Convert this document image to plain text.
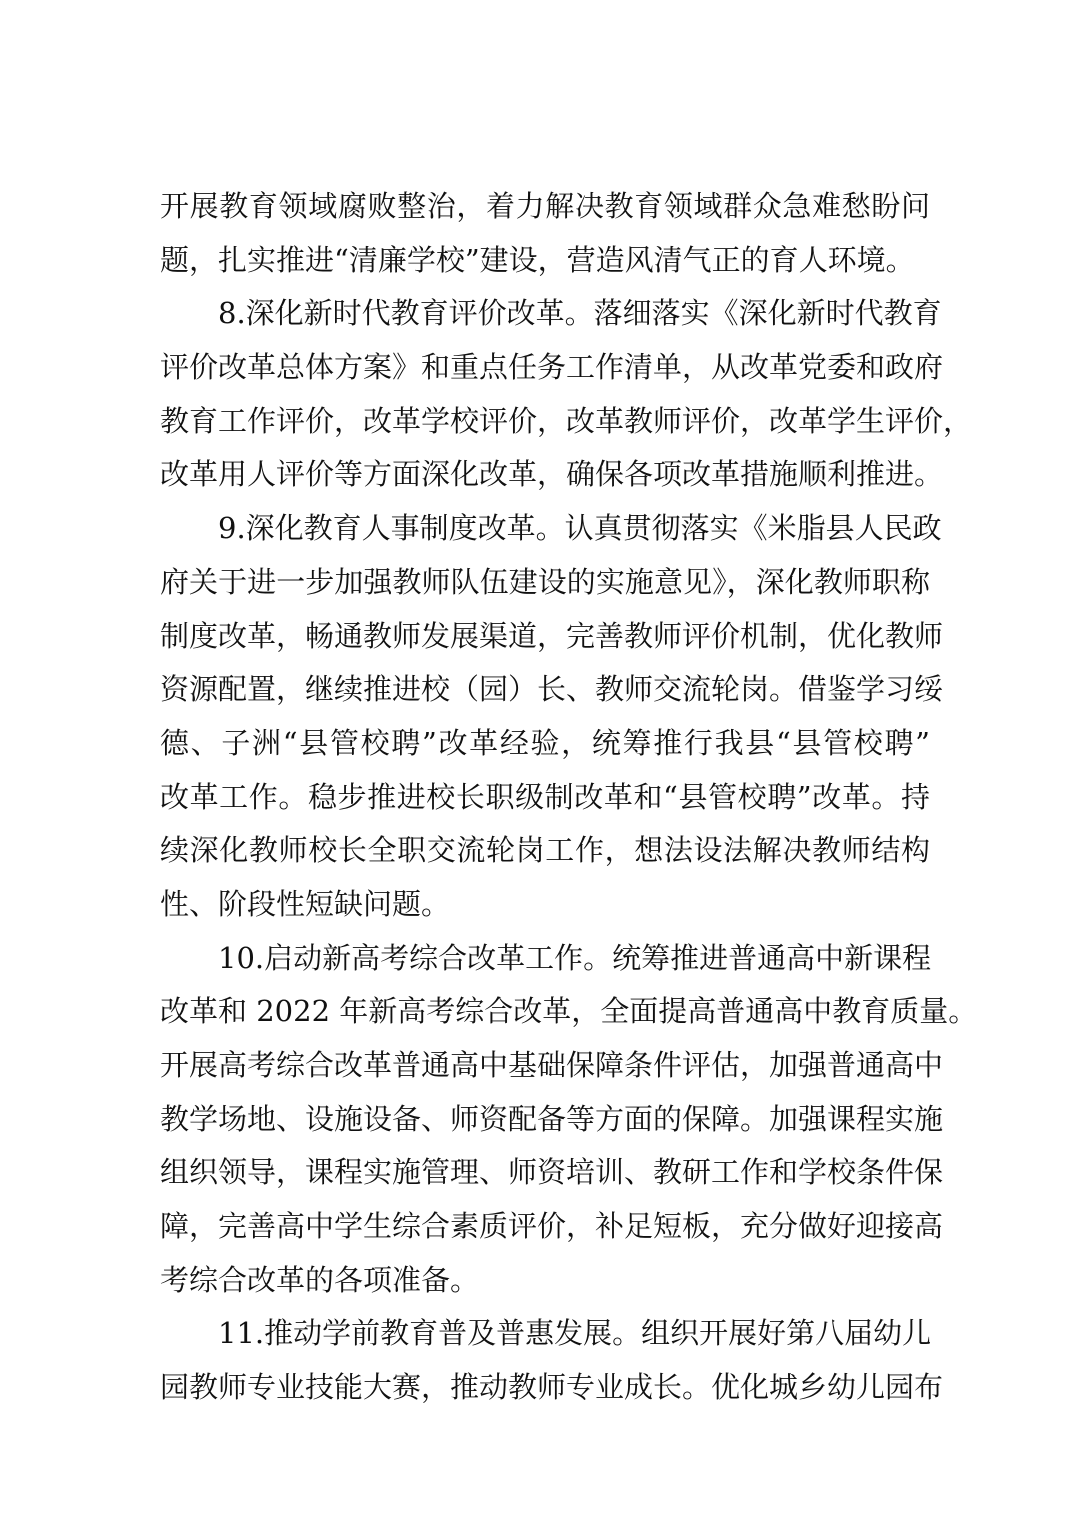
开展教育领域腐败整治，着力解决教育领域群众急难愁盼问
题，扎实推进“清廉学校”建设，营造风清气正的育人环境。
8.深化新时代教育评价改革。落细落实《深化新时代教育
评价改革总体方案》和重点任务工作清单，从改革党委和政府
教育工作评价，改革学校评价，改革教师评价，改革学生评价，
改革用人评价等方面深化改革，确保各项改革措施顺利推进。
9.深化教育人事制度改革。认真贯彻落实《米脂县人民政
府关于进一步加强教师队伍建设的实施意见》，深化教师职称
制度改革，畅通教师发展渠道，完善教师评价机制，优化教师
资源配置，继续推进校（园）长、教师交流轮岗。借鉴学习绥
德、子洲“县管校聘”改革经验，统筹推行我县“县管校聘”
改革工作。稳步推进校长职级制改革和“县管校聘”改革。持
续深化教师校长全职交流轮岗工作，想法设法解决教师结构
性、阶段性短缺问题。
10.启动新高考综合改革工作。统筹推进普通高中新课程
改革和 2022 年新高考综合改革，全面提高普通高中教育质量。
开展高考综合改革普通高中基础保障条件评估，加强普通高中
教学场地、设施设备、师资配备等方面的保障。加强课程实施
组织领导，课程实施管理、师资培训、教研工作和学校条件保
障，完善高中学生综合素质评价，补足短板，充分做好迎接高
考综合改革的各项准备。
11.推动学前教育普及普惠发展。组织开展好第八届幼儿
园教师专业技能大赛，推动教师专业成长。优化城乡幼儿园布
